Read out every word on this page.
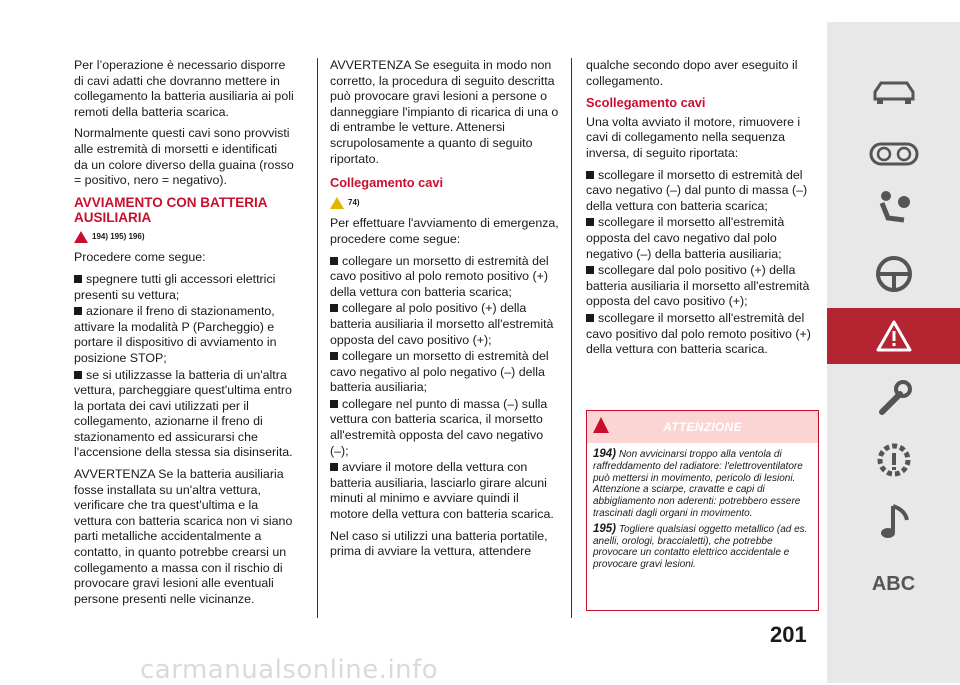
Per l’operazione è necessario disporre di cavi adatti che dovranno mettere in collegamento la batteria ausiliaria ai poli remoti della batteria scarica.

Normalmente questi cavi sono provvisti alle estremità di morsetti e identificati da un colore diverso della guaina (rosso = positivo, nero = negativo).

AVVIAMENTO CON BATTERIA AUSILIARIA
194) 195) 196)

Procedere come segue:

spegnere tutti gli accessori elettrici presenti su vettura;
azionare il freno di stazionamento, attivare la modalità P (Parcheggio) e portare il dispositivo di avviamento in posizione STOP;
se si utilizzasse la batteria di un'altra vettura, parcheggiare quest'ultima entro la portata dei cavi utilizzati per il collegamento, azionarne il freno di stazionamento ed assicurarsi che l'accensione della stessa sia disinserita.

AVVERTENZA Se la batteria ausiliaria fosse installata su un'altra vettura, verificare che tra quest'ultima e la vettura con batteria scarica non vi siano parti metalliche accidentalmente a contatto, in quanto potrebbe crearsi un collegamento a massa con il rischio di provocare gravi lesioni alle eventuali persone presenti nelle vicinanze.

AVVERTENZA Se eseguita in modo non corretto, la procedura di seguito descritta può provocare gravi lesioni a persone o danneggiare l'impianto di ricarica di una o di entrambe le vetture. Attenersi scrupolosamente a quanto di seguito riportato.

Collegamento cavi
74)

Per effettuare l'avviamento di emergenza, procedere come segue:

collegare un morsetto di estremità del cavo positivo al polo remoto positivo (+) della vettura con batteria scarica;
collegare al polo positivo (+) della batteria ausiliaria il morsetto all'estremità opposta del cavo positivo (+);
collegare un morsetto di estremità del cavo negativo al polo negativo (–) della batteria ausiliaria;
collegare nel punto di massa (–) sulla vettura con batteria scarica, il morsetto all'estremità opposta del cavo negativo (–);
avviare il motore della vettura con batteria ausiliaria, lasciarlo girare alcuni minuti al minimo e avviare quindi il motore della vettura con batteria scarica.

Nel caso si utilizzi una batteria portatile, prima di avviare la vettura, attendere

qualche secondo dopo aver eseguito il collegamento.

Scollegamento cavi

Una volta avviato il motore, rimuovere i cavi di collegamento nella sequenza inversa, di seguito riportata:

scollegare il morsetto di estremità del cavo negativo (–) dal punto di massa (–) della vettura con batteria scarica;
scollegare il morsetto all'estremità opposta del cavo negativo dal polo negativo (–) della batteria ausiliaria;
scollegare dal polo positivo (+) della batteria ausiliaria il morsetto all'estremità opposta del cavo positivo (+);
scollegare il morsetto all'estremità del cavo positivo dal polo remoto positivo (+) della vettura con batteria scarica.
ATTENZIONE

194) Non avvicinarsi troppo alla ventola di raffreddamento del radiatore: l'elettroventilatore può mettersi in movimento, pericolo di lesioni. Attenzione a sciarpe, cravatte e capi di abbigliamento non aderenti: potrebbero essere trascinati dagli organi in movimento.

195) Togliere qualsiasi oggetto metallico (ad es. anelli, orologi, braccialetti), che potrebbe provocare un contatto elettrico accidentale e provocare gravi lesioni.

201
ABC
carmanualsonline.info
